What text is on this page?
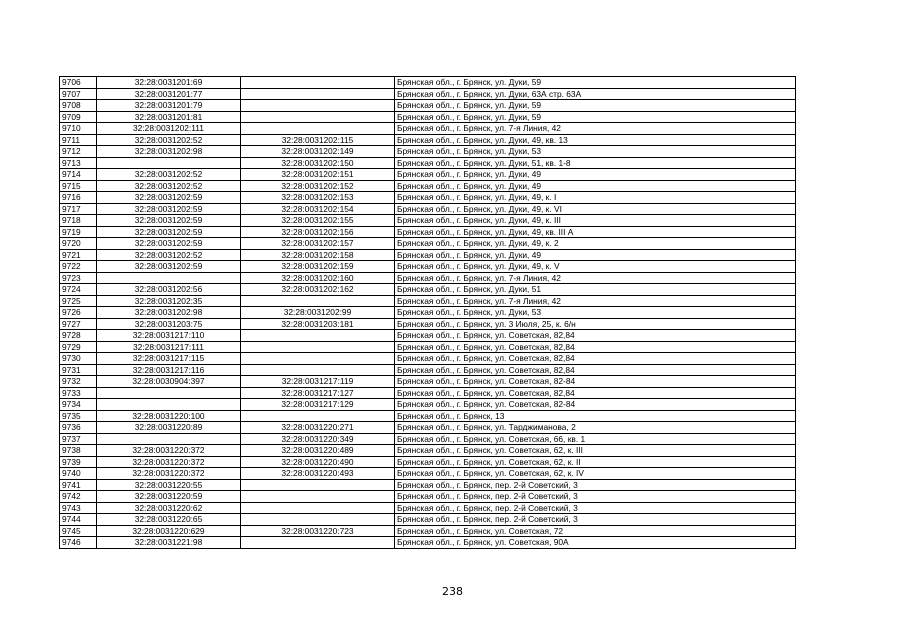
9706	32:28:0031201:69		Брянская обл., г. Брянск, ул. Дуки, 59
9707	32:28:0031201:77		Брянская обл., г. Брянск, ул. Дуки, 63А стр. 63А
9708	32:28:0031201:79		Брянская обл., г. Брянск, ул. Дуки, 59
9709	32:28:0031201:81		Брянская обл., г. Брянск, ул. Дуки, 59
9710	32:28:0031202:111		Брянская обл., г. Брянск, ул. 7-я Линия, 42
9711	32:28:0031202:52	32:28:0031202:115	Брянская обл., г. Брянск, ул. Дуки, 49, кв. 13
9712	32:28:0031202:98	32:28:0031202:149	Брянская обл., г. Брянск, ул. Дуки, 53
9713		32:28:0031202:150	Брянская обл., г. Брянск, ул. Дуки, 51, кв. 1-8
9714	32:28:0031202:52	32:28:0031202:151	Брянская обл., г. Брянск, ул. Дуки, 49
9715	32:28:0031202:52	32:28:0031202:152	Брянская обл., г. Брянск, ул. Дуки, 49
9716	32:28:0031202:59	32:28:0031202:153	Брянская обл., г. Брянск, ул. Дуки, 49, к. I
9717	32:28:0031202:59	32:28:0031202:154	Брянская обл., г. Брянск, ул. Дуки, 49, к. VI
9718	32:28:0031202:59	32:28:0031202:155	Брянская обл., г. Брянск, ул. Дуки, 49, к. III
9719	32:28:0031202:59	32:28:0031202:156	Брянская обл., г. Брянск, ул. Дуки, 49, кв. III А
9720	32:28:0031202:59	32:28:0031202:157	Брянская обл., г. Брянск, ул. Дуки, 49, к. 2
9721	32:28:0031202:52	32:28:0031202:158	Брянская обл., г. Брянск, ул. Дуки, 49
9722	32:28:0031202:59	32:28:0031202:159	Брянская обл., г. Брянск, ул. Дуки, 49, к. V
9723		32:28:0031202:160	Брянская обл., г. Брянск, ул. 7-я Линия, 42
9724	32:28:0031202:56	32:28:0031202:162	Брянская обл., г. Брянск, ул. Дуки, 51
9725	32:28:0031202:35		Брянская обл., г. Брянск, ул. 7-я Линия, 42
9726	32:28:0031202:98	32:28:0031202:99	Брянская обл., г. Брянск, ул. Дуки, 53
9727	32:28:0031203:75	32:28:0031203:181	Брянская обл., г. Брянск, ул. 3 Июля, 25, к. 6/н
9728	32:28:0031217:110		Брянская обл., г. Брянск, ул. Советская, 82,84
9729	32:28:0031217:111		Брянская обл., г. Брянск, ул. Советская, 82,84
9730	32:28:0031217:115		Брянская обл., г. Брянск, ул. Советская, 82,84
9731	32:28:0031217:116		Брянская обл., г. Брянск, ул. Советская, 82,84
9732	32:28:0030904:397	32:28:0031217:119	Брянская обл., г. Брянск, ул. Советская, 82-84
9733		32:28:0031217:127	Брянская обл., г. Брянск, ул. Советская, 82,84
9734		32:28:0031217:129	Брянская обл., г. Брянск, ул. Советская, 82-84
9735	32:28:0031220:100		Брянская обл., г. Брянск, 13
9736	32:28:0031220:89	32:28:0031220:271	Брянская обл., г. Брянск, ул. Тарджиманова, 2
9737		32:28:0031220:349	Брянская обл., г. Брянск, ул. Советская, 66, кв. 1
9738	32:28:0031220:372	32:28:0031220:489	Брянская обл., г. Брянск, ул. Советская, 62, к. III
9739	32:28:0031220:372	32:28:0031220:490	Брянская обл., г. Брянск, ул. Советская, 62, к. II
9740	32:28:0031220:372	32:28:0031220:493	Брянская обл., г. Брянск, ул. Советская, 62, к. IV
9741	32:28:0031220:55		Брянская обл., г. Брянск, пер. 2-й Советский, 3
9742	32:28:0031220:59		Брянская обл., г. Брянск, пер. 2-й Советский, 3
9743	32:28:0031220:62		Брянская обл., г. Брянск, пер. 2-й Советский, 3
9744	32:28:0031220:65		Брянская обл., г. Брянск, пер. 2-й Советский, 3
9745	32:28:0031220:629	32:28:0031220:723	Брянская обл., г. Брянск, ул. Советская, 72
9746	32:28:0031221:98		Брянская обл., г. Брянск, ул. Советская, 90А
238
